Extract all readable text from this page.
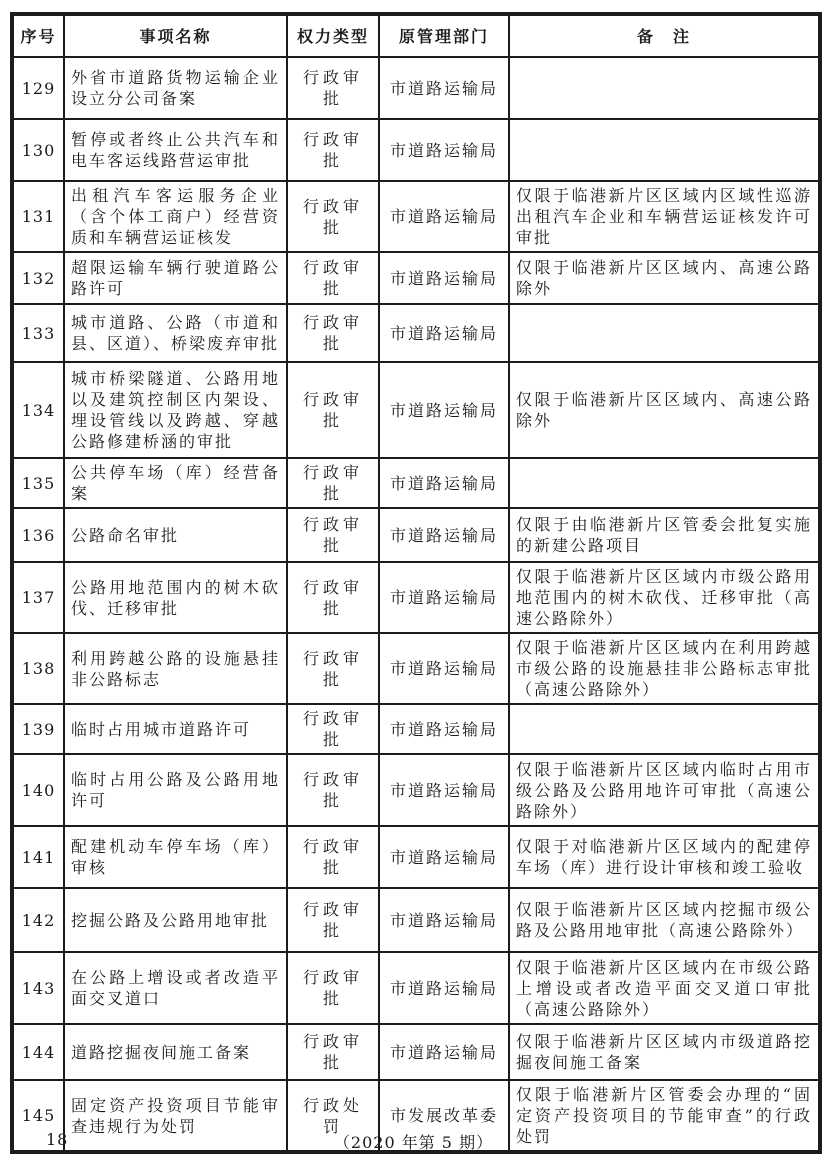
序号	事项名称	权力类型	原管理部门	备　注
129	外省市道路货物运输企业设立分公司备案	行政审批	市道路运输局	
130	暂停或者终止公共汽车和电车客运线路营运审批	行政审批	市道路运输局	
131	出租汽车客运服务企业（含个体工商户）经营资质和车辆营运证核发	行政审批	市道路运输局	仅限于临港新片区区域内区域性巡游出租汽车企业和车辆营运证核发许可审批
132	超限运输车辆行驶道路公路许可	行政审批	市道路运输局	仅限于临港新片区区域内、高速公路除外
133	城市道路、公路（市道和县、区道）、桥梁废弃审批	行政审批	市道路运输局	
134	城市桥梁隧道、公路用地以及建筑控制区内架设、埋设管线以及跨越、穿越公路修建桥涵的审批	行政审批	市道路运输局	仅限于临港新片区区域内、高速公路除外
135	公共停车场（库）经营备案	行政审批	市道路运输局	
136	公路命名审批	行政审批	市道路运输局	仅限于由临港新片区管委会批复实施的新建公路项目
137	公路用地范围内的树木砍伐、迁移审批	行政审批	市道路运输局	仅限于临港新片区区域内市级公路用地范围内的树木砍伐、迁移审批（高速公路除外）
138	利用跨越公路的设施悬挂非公路标志	行政审批	市道路运输局	仅限于临港新片区区域内在利用跨越市级公路的设施悬挂非公路标志审批（高速公路除外）
139	临时占用城市道路许可	行政审批	市道路运输局	
140	临时占用公路及公路用地许可	行政审批	市道路运输局	仅限于临港新片区区域内临时占用市级公路及公路用地许可审批（高速公路除外）
141	配建机动车停车场（库）审核	行政审批	市道路运输局	仅限于对临港新片区区域内的配建停车场（库）进行设计审核和竣工验收
142	挖掘公路及公路用地审批	行政审批	市道路运输局	仅限于临港新片区区域内挖掘市级公路及公路用地审批（高速公路除外）
143	在公路上增设或者改造平面交叉道口	行政审批	市道路运输局	仅限于临港新片区区域内在市级公路上增设或者改造平面交叉道口审批（高速公路除外）
144	道路挖掘夜间施工备案	行政审批	市道路运输局	仅限于临港新片区区域内市级道路挖掘夜间施工备案
145	固定资产投资项目节能审查违规行为处罚	行政处罚	市发展改革委	仅限于临港新片区管委会办理的“固定资产投资项目的节能审查”的行政处罚
18	（2020 年第 5 期）
